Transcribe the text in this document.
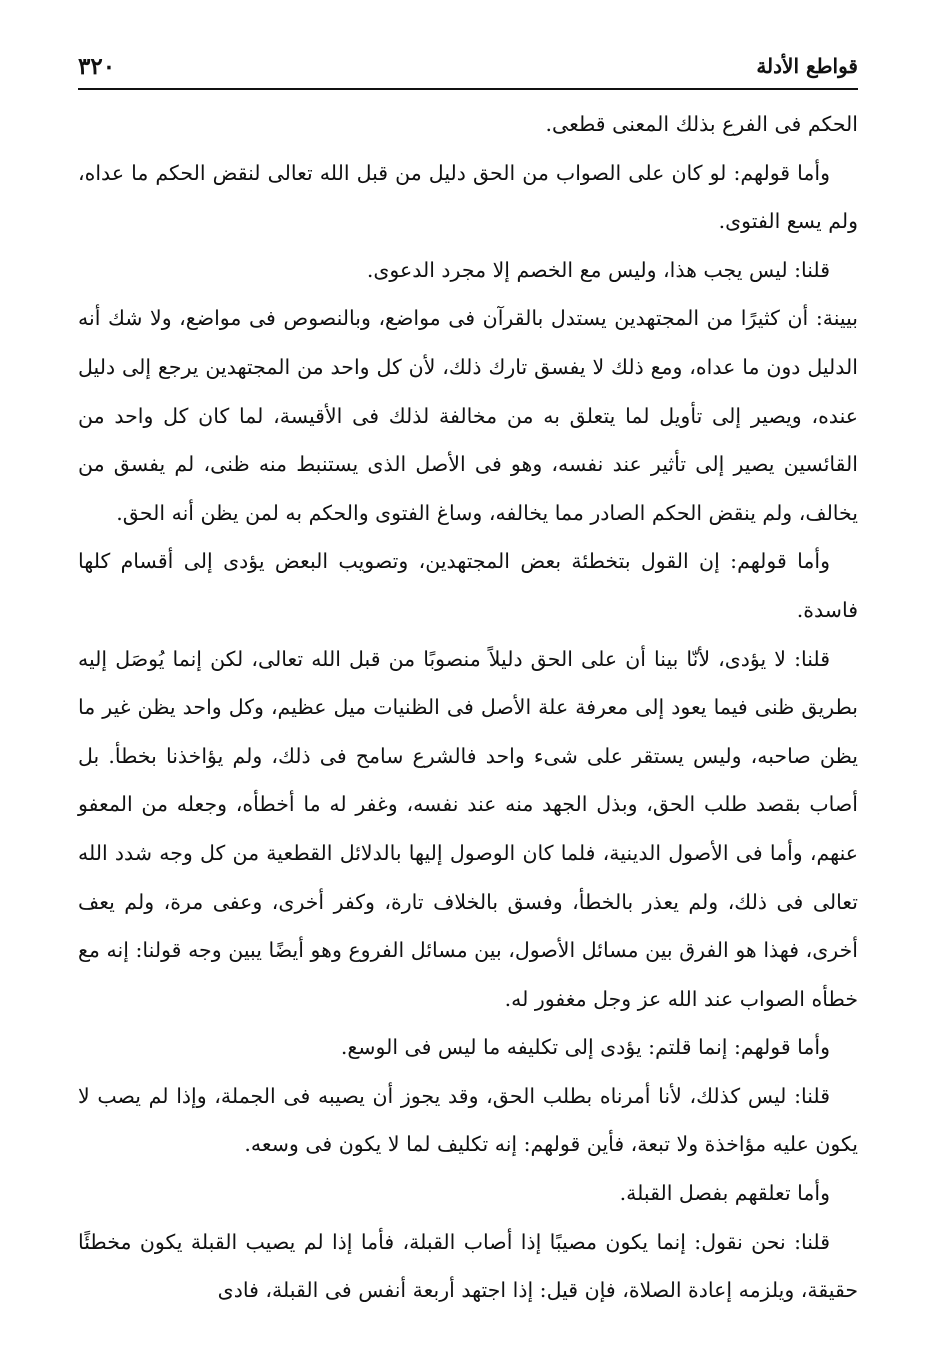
٣٢٠	قواطع الأدلة

الحكم فى الفرع بذلك المعنى قطعى.

وأما قولهم: لو كان على الصواب من الحق دليل من قبل الله تعالى لنقض الحكم ما عداه، ولم يسع الفتوى.

قلنا: ليس يجب هذا، وليس مع الخصم إلا مجرد الدعوى.

بيينة: أن كثيرًا من المجتهدين يستدل بالقرآن فى مواضع، وبالنصوص فى مواضع، ولا شك أنه الدليل دون ما عداه، ومع ذلك لا يفسق تارك ذلك، لأن كل واحد من المجتهدين يرجع إلى دليل عنده، ويصير إلى تأويل لما يتعلق به من مخالفة لذلك فى الأقيسة، لما كان كل واحد من القائسين يصير إلى تأثير عند نفسه، وهو فى الأصل الذى يستنبط منه ظنى، لم يفسق من يخالف، ولم ينقض الحكم الصادر مما يخالفه، وساغ الفتوى والحكم به لمن يظن أنه الحق.

وأما قولهم: إن القول بتخطئة بعض المجتهدين، وتصويب البعض يؤدى إلى أقسام كلها فاسدة.

قلنا: لا يؤدى، لأنّا بينا أن على الحق دليلاً منصوبًا من قبل الله تعالى، لكن إنما يُوصَل إليه بطريق ظنى فيما يعود إلى معرفة علة الأصل فى الظنيات ميل عظيم، وكل واحد يظن غير ما يظن صاحبه، وليس يستقر على شىء واحد فالشرع سامح فى ذلك، ولم يؤاخذنا بخطأ. بل أصاب بقصد طلب الحق، وبذل الجهد منه عند نفسه، وغفر له ما أخطأه، وجعله من المعفو عنهم، وأما فى الأصول الدينية، فلما كان الوصول إليها بالدلائل القطعية من كل وجه شدد الله تعالى فى ذلك، ولم يعذر بالخطأ، وفسق بالخلاف تارة، وكفر أخرى، وعفى مرة، ولم يعف أخرى، فهذا هو الفرق بين مسائل الأصول، بين مسائل الفروع وهو أيضًا يبين وجه قولنا: إنه مع خطأه الصواب عند الله عز وجل مغفور له.

وأما قولهم: إنما قلتم: يؤدى إلى تكليفه ما ليس فى الوسع.

قلنا: ليس كذلك، لأنا أمرناه بطلب الحق، وقد يجوز أن يصيبه فى الجملة، وإذا لم يصب لا يكون عليه مؤاخذة ولا تبعة، فأين قولهم: إنه تكليف لما لا يكون فى وسعه.

وأما تعلقهم بفصل القبلة.

قلنا: نحن نقول: إنما يكون مصيبًا إذا أصاب القبلة، فأما إذا لم يصيب القبلة يكون مخطئًا حقيقة، ويلزمه إعادة الصلاة، فإن قيل: إذا اجتهد أربعة أنفس فى القبلة، فادى
